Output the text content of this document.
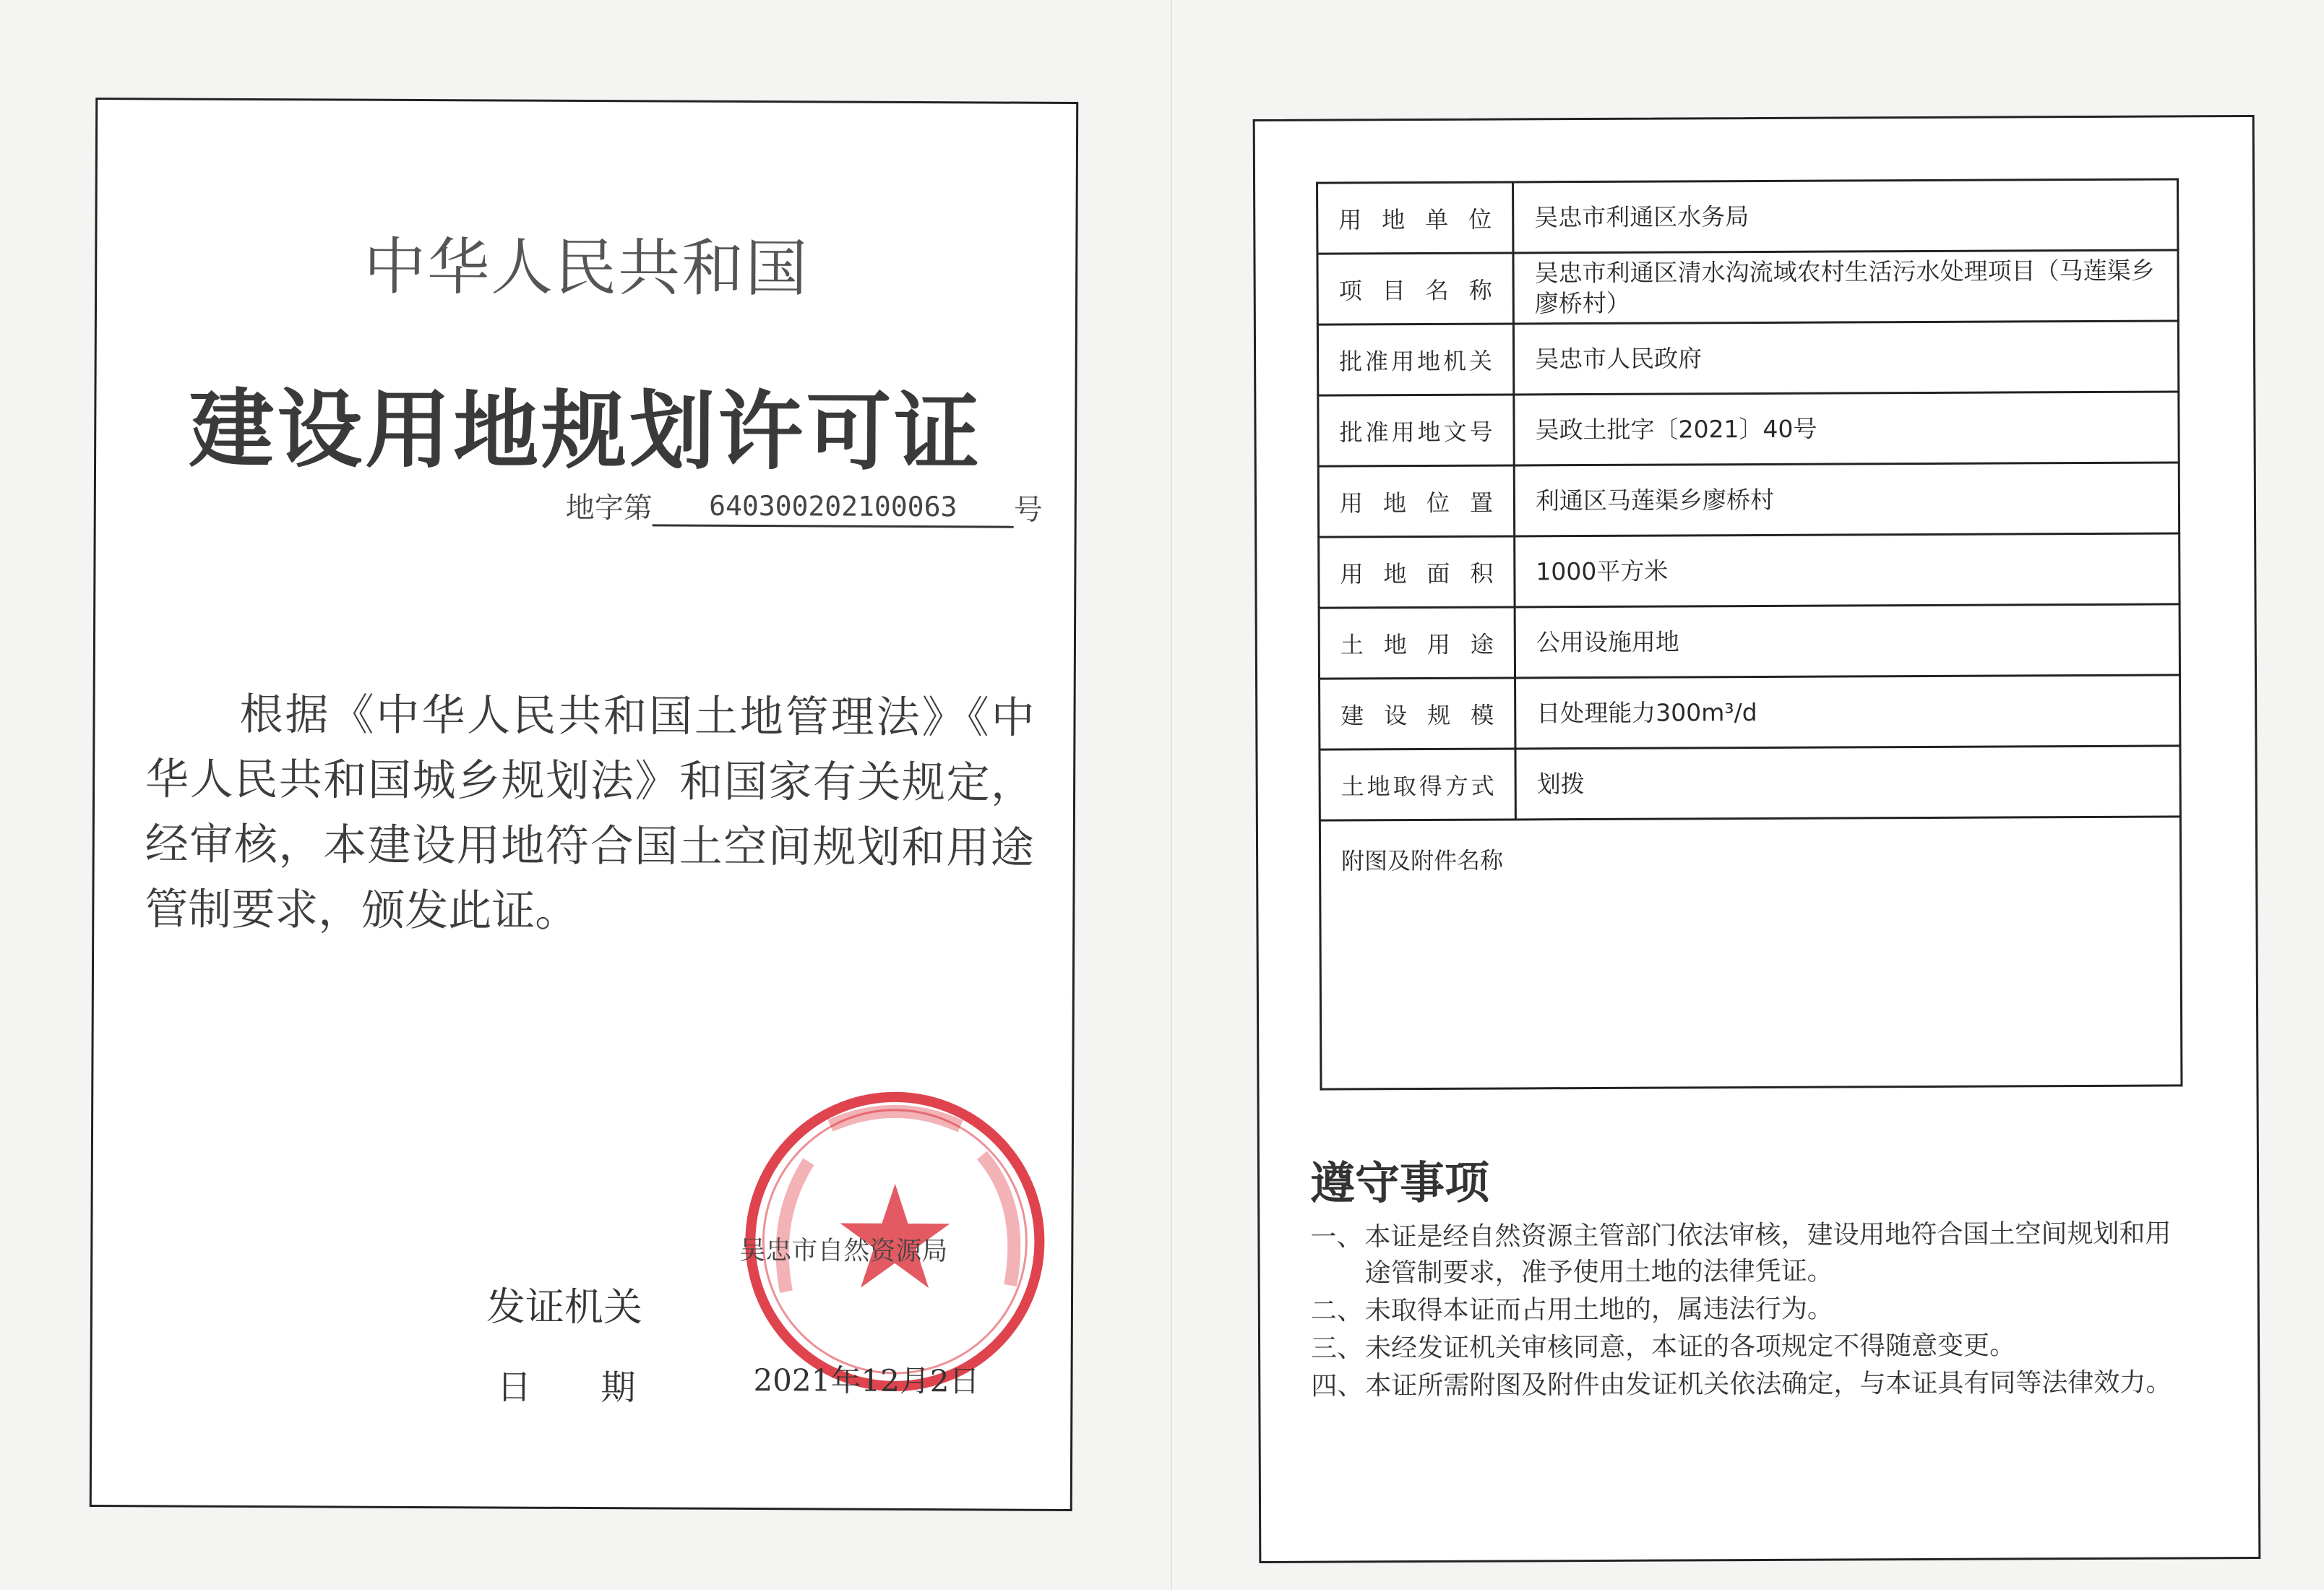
中华人民共和国
建设用地规划许可证
地字第 640300202100063 号
根据《中华人民共和国土地管理法》《中华人民共和国城乡规划法》和国家有关规定，经审核，本建设用地符合国土空间规划和用途管制要求，颁发此证。
发证机关
日　　期
吴忠市自然资源局
2021年12月2日
用地单位	吴忠市利通区水务局
项目名称	吴忠市利通区清水沟流域农村生活污水处理项目（马莲渠乡廖桥村）
批准用地机关	吴忠市人民政府
批准用地文号	吴政土批字〔2021〕40号
用地位置	利通区马莲渠乡廖桥村
用地面积	1000平方米
土地用途	公用设施用地
建设规模	日处理能力300m³/d
土地取得方式	划拨
附图及附件名称	
遵守事项
一、 本证是经自然资源主管部门依法审核，建设用地符合国土空间规划和用途管制要求，准予使用土地的法律凭证。
二、 未取得本证而占用土地的，属违法行为。
三、 未经发证机关审核同意，本证的各项规定不得随意变更。
四、 本证所需附图及附件由发证机关依法确定，与本证具有同等法律效力。
